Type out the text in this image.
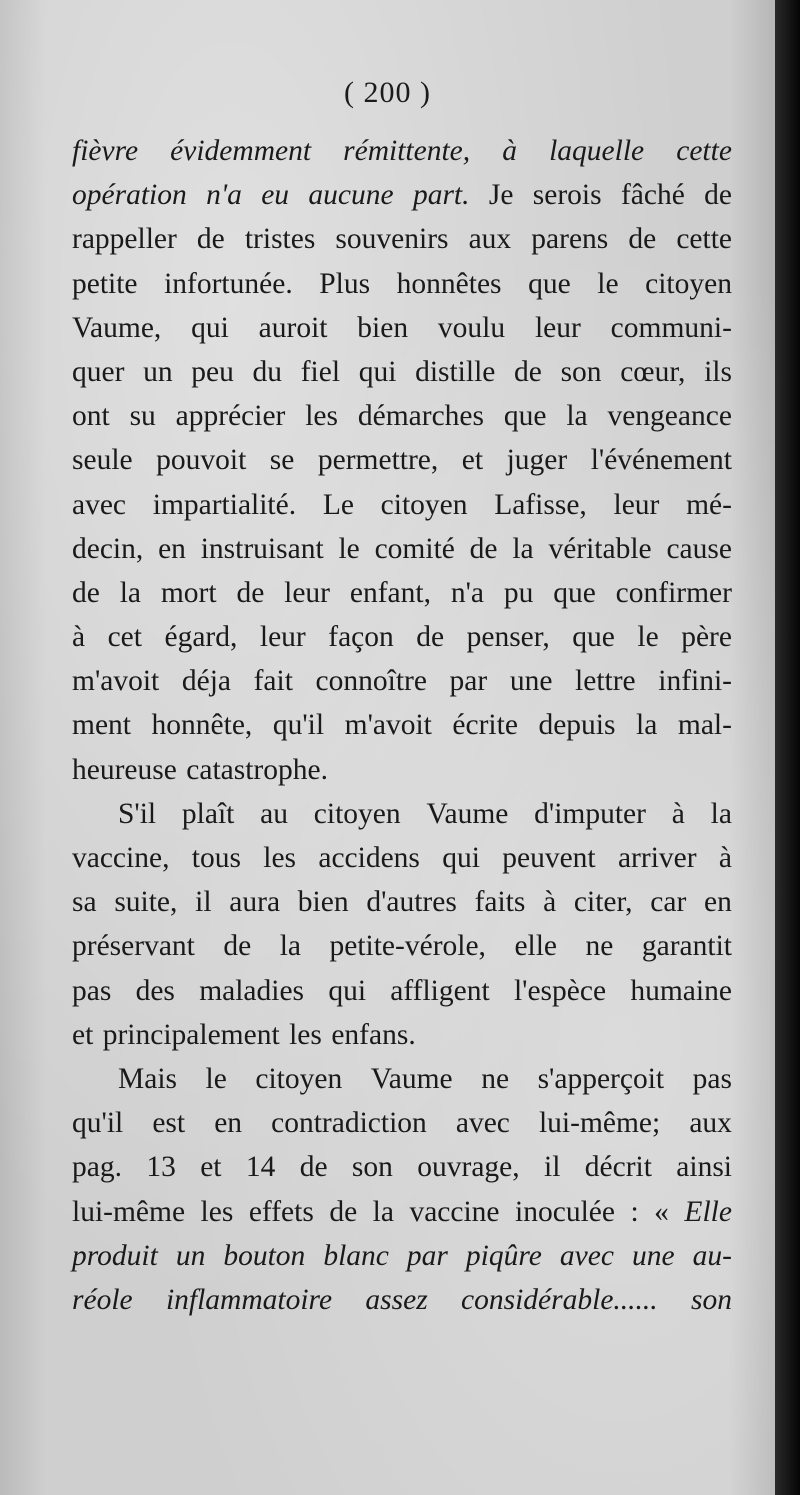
( 200 )
fièvre évidemment rémittente, à laquelle cette
opération n'a eu aucune part. Je serois fâché de
rappeller de tristes souvenirs aux parens de cette
petite infortunée. Plus honnêtes que le citoyen
Vaume, qui auroit bien voulu leur communi-
quer un peu du fiel qui distille de son cœur, ils
ont su apprécier les démarches que la vengeance
seule pouvoit se permettre, et juger l'événement
avec impartialité. Le citoyen Lafisse, leur mé-
decin, en instruisant le comité de la véritable cause
de la mort de leur enfant, n'a pu que confirmer
à cet égard, leur façon de penser, que le père
m'avoit déja fait connoître par une lettre infini-
ment honnête, qu'il m'avoit écrite depuis la mal-
heureuse catastrophe.
S'il plaît au citoyen Vaume d'imputer à la
vaccine, tous les accidens qui peuvent arriver à
sa suite, il aura bien d'autres faits à citer, car en
préservant de la petite-vérole, elle ne garantit
pas des maladies qui affligent l'espèce humaine
et principalement les enfans.
Mais le citoyen Vaume ne s'apperçoit pas
qu'il est en contradiction avec lui-même; aux
pag. 13 et 14 de son ouvrage, il décrit ainsi
lui-même les effets de la vaccine inoculée : « Elle
produit un bouton blanc par piqûre avec une au-
réole inflammatoire assez considérable...... son
